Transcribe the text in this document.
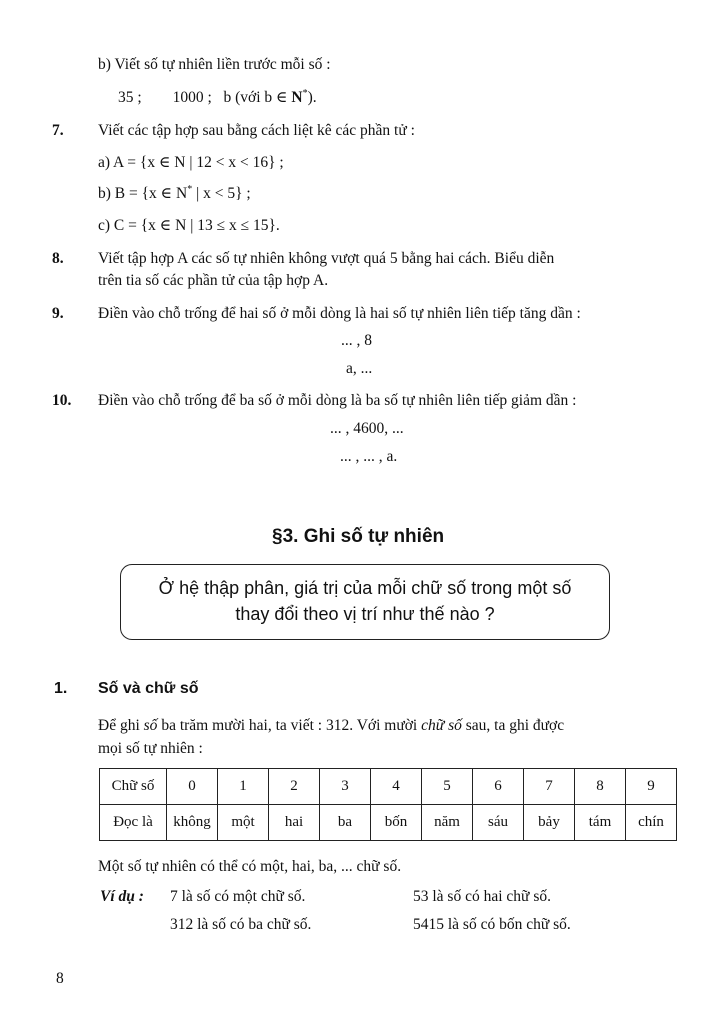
b) Viết số tự nhiên liền trước mỗi số :
35 ;        1000 ;   b (với b ∈ N*).
7. Viết các tập hợp sau bằng cách liệt kê các phần tử :
a) A = {x ∈ N | 12 < x < 16} ;
b) B = {x ∈ N* | x < 5} ;
c) C = {x ∈ N | 13 ≤ x ≤ 15}.
8. Viết tập hợp A các số tự nhiên không vượt quá 5 bằng hai cách. Biểu diễn
trên tia số các phần tử của tập hợp A.
9. Điền vào chỗ trống để hai số ở mỗi dòng là hai số tự nhiên liên tiếp tăng dần :
... , 8
a, ...
10. Điền vào chỗ trống để ba số ở mỗi dòng là ba số tự nhiên liên tiếp giảm dần :
... , 4600, ...
... , ... , a.
§3. Ghi số tự nhiên
Ở hệ thập phân, giá trị của mỗi chữ số trong một số
thay đổi theo vị trí như thế nào ?
1. Số và chữ số
Để ghi số ba trăm mười hai, ta viết : 312. Với mười chữ số sau, ta ghi được
mọi số tự nhiên :
Chữ số	0	1	2	3	4	5	6	7	8	9
Đọc là	không	một	hai	ba	bốn	năm	sáu	bảy	tám	chín
Một số tự nhiên có thể có một, hai, ba, ... chữ số.
Ví dụ : 7 là số có một chữ số.	53 là số có hai chữ số.
312 là số có ba chữ số.	5415 là số có bốn chữ số.
8
